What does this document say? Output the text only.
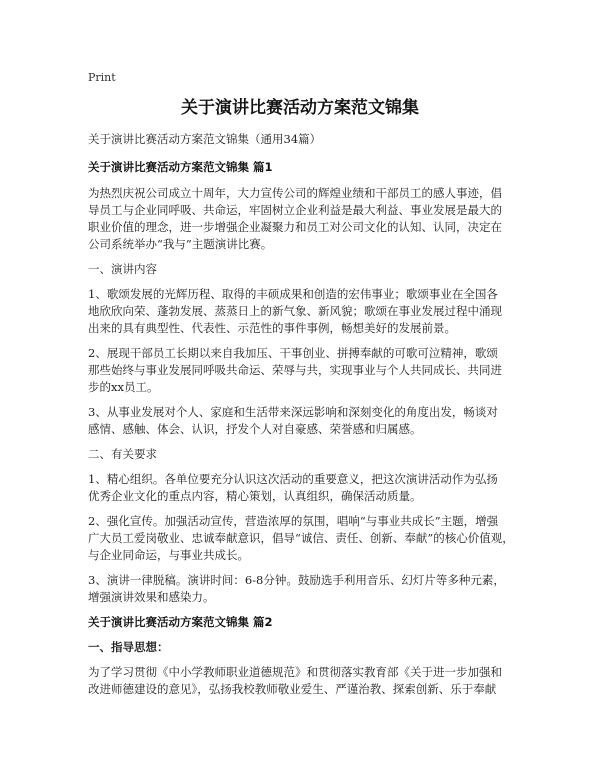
Print
关于演讲比赛活动方案范文锦集
关于演讲比赛活动方案范文锦集（通用34篇）
关于演讲比赛活动方案范文锦集 篇1
为热烈庆祝公司成立十周年，大力宣传公司的辉煌业绩和干部员工的感人事迹，倡
导员工与企业同呼吸、共命运，牢固树立企业利益是最大利益、事业发展是最大的
职业价值的理念，进一步增强企业凝聚力和员工对公司文化的认知、认同，决定在
公司系统举办“我与”主题演讲比赛。
一、演讲内容
1、歌颂发展的光辉历程、取得的丰硕成果和创造的宏伟事业；歌颂事业在全国各
地欣欣向荣、蓬勃发展、蒸蒸日上的新气象、新风貌；歌颂在事业发展过程中涌现
出来的具有典型性、代表性、示范性的事件事例，畅想美好的发展前景。
2、展现干部员工长期以来自我加压、干事创业、拼搏奉献的可歌可泣精神，歌颂
那些始终与事业发展同呼吸共命运、荣辱与共，实现事业与个人共同成长、共同进
步的xx员工。
3、从事业发展对个人、家庭和生活带来深远影响和深刻变化的角度出发，畅谈对
感情、感触、体会、认识，抒发个人对自豪感、荣誉感和归属感。
二、有关要求
1、精心组织。各单位要充分认识这次活动的重要意义，把这次演讲活动作为弘扬
优秀企业文化的重点内容，精心策划，认真组织，确保活动质量。
2、强化宣传。加强活动宣传，营造浓厚的氛围，唱响“与事业共成长”主题，增强
广大员工爱岗敬业、忠诚奉献意识，倡导“诚信、责任、创新、奉献”的核心价值观，
与企业同命运，与事业共成长。
3、演讲一律脱稿。演讲时间：6-8分钟。鼓励选手利用音乐、幻灯片等多种元素，
增强演讲效果和感染力。
关于演讲比赛活动方案范文锦集 篇2
一、指导思想：
为了学习贯彻《中小学教师职业道德规范》和贯彻落实教育部《关于进一步加强和
改进师德建设的意见》，弘扬我校教师敬业爱生、严谨治教、探索创新、乐于奉献
